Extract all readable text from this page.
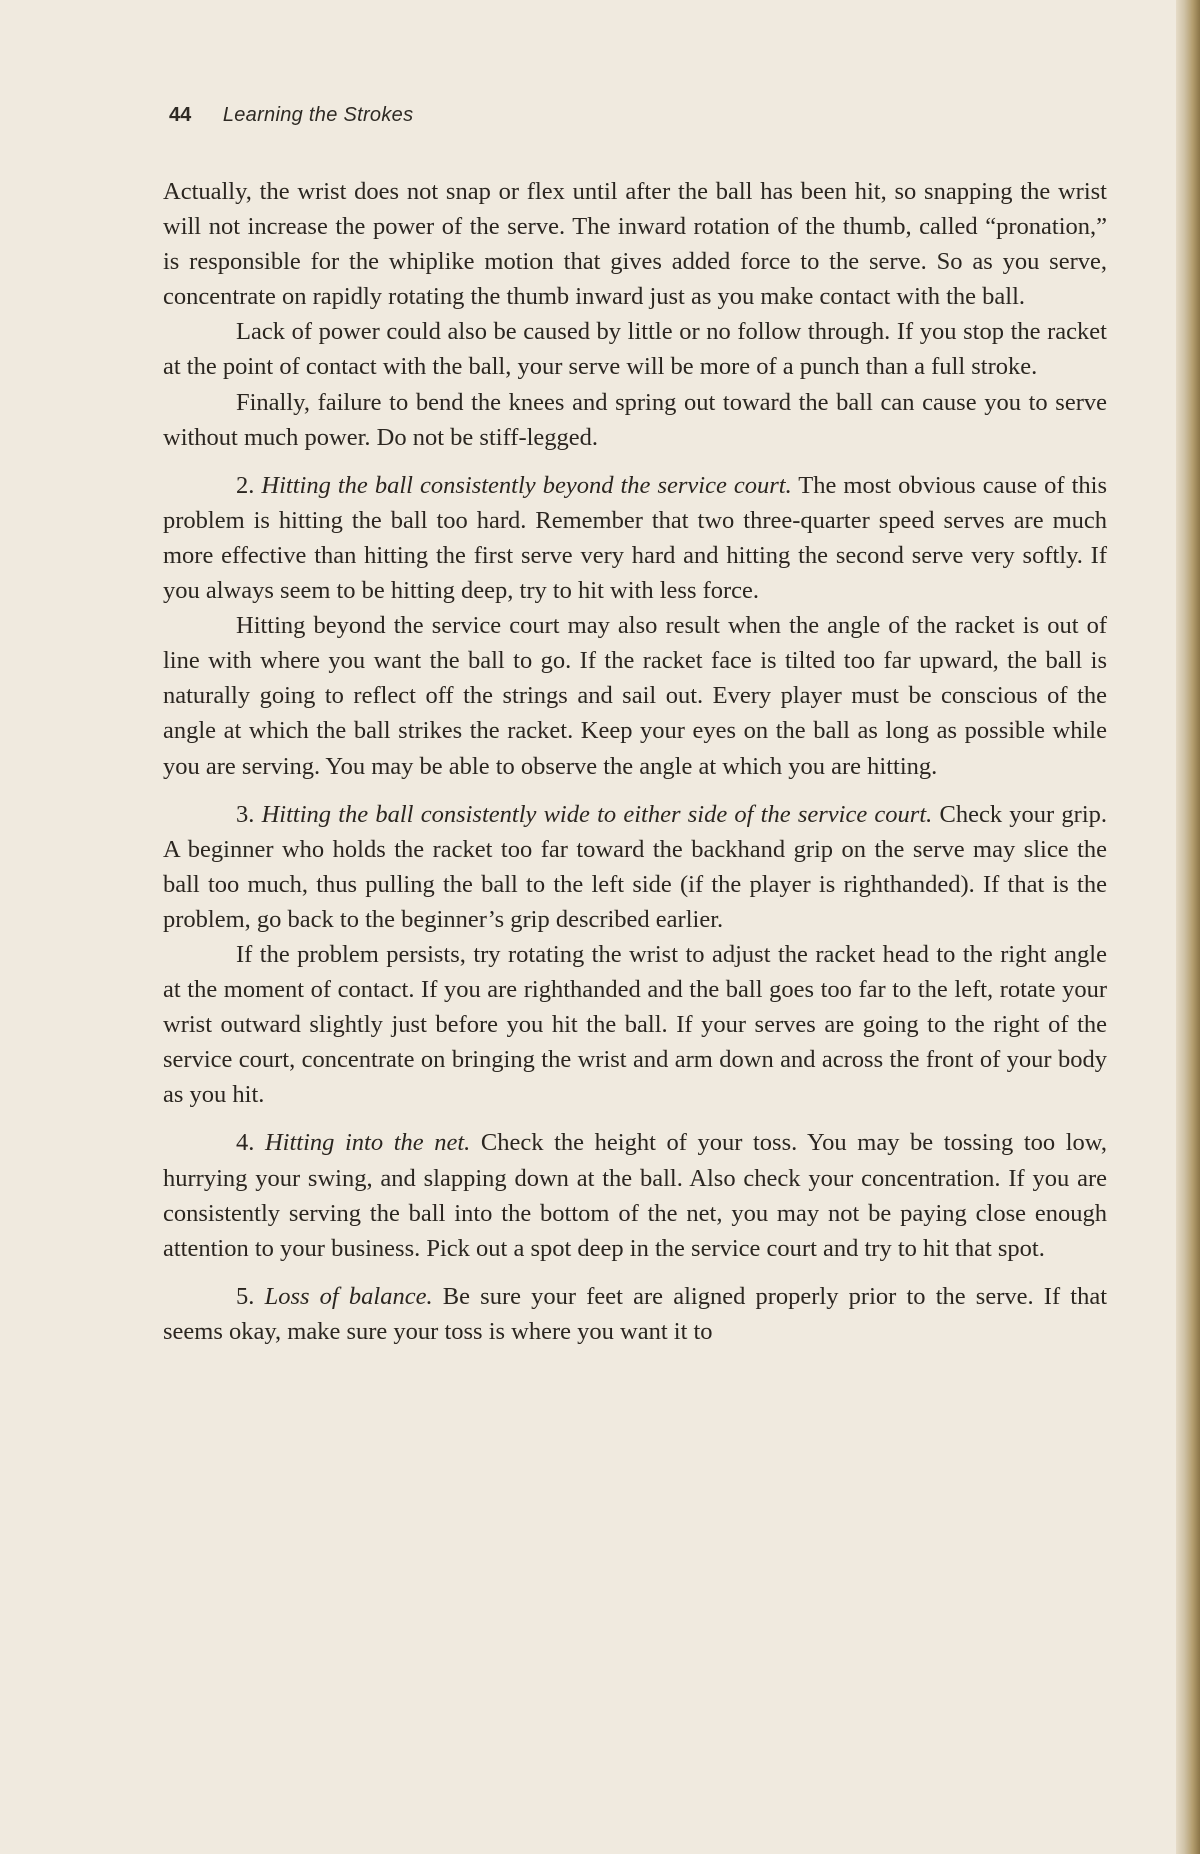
44 Learning the Strokes

Actually, the wrist does not snap or flex until after the ball has been hit, so snapping the wrist will not increase the power of the serve. The inward rotation of the thumb, called “pronation,” is responsible for the whiplike motion that gives added force to the serve. So as you serve, concentrate on rapidly rotating the thumb inward just as you make contact with the ball.

Lack of power could also be caused by little or no follow through. If you stop the racket at the point of contact with the ball, your serve will be more of a punch than a full stroke.

Finally, failure to bend the knees and spring out toward the ball can cause you to serve without much power. Do not be stiff-legged.

2. Hitting the ball consistently beyond the service court. The most obvious cause of this problem is hitting the ball too hard. Remember that two three-quarter speed serves are much more effective than hitting the first serve very hard and hitting the second serve very softly. If you always seem to be hitting deep, try to hit with less force.

Hitting beyond the service court may also result when the angle of the racket is out of line with where you want the ball to go. If the racket face is tilted too far upward, the ball is naturally going to reflect off the strings and sail out. Every player must be conscious of the angle at which the ball strikes the racket. Keep your eyes on the ball as long as possible while you are serving. You may be able to observe the angle at which you are hitting.

3. Hitting the ball consistently wide to either side of the service court. Check your grip. A beginner who holds the racket too far toward the backhand grip on the serve may slice the ball too much, thus pulling the ball to the left side (if the player is righthanded). If that is the problem, go back to the beginner’s grip described earlier.

If the problem persists, try rotating the wrist to adjust the racket head to the right angle at the moment of contact. If you are righthanded and the ball goes too far to the left, rotate your wrist outward slightly just before you hit the ball. If your serves are going to the right of the service court, concentrate on bringing the wrist and arm down and across the front of your body as you hit.

4. Hitting into the net. Check the height of your toss. You may be tossing too low, hurrying your swing, and slapping down at the ball. Also check your concentration. If you are consistently serving the ball into the bottom of the net, you may not be paying close enough attention to your business. Pick out a spot deep in the service court and try to hit that spot.

5. Loss of balance. Be sure your feet are aligned properly prior to the serve. If that seems okay, make sure your toss is where you want it to
